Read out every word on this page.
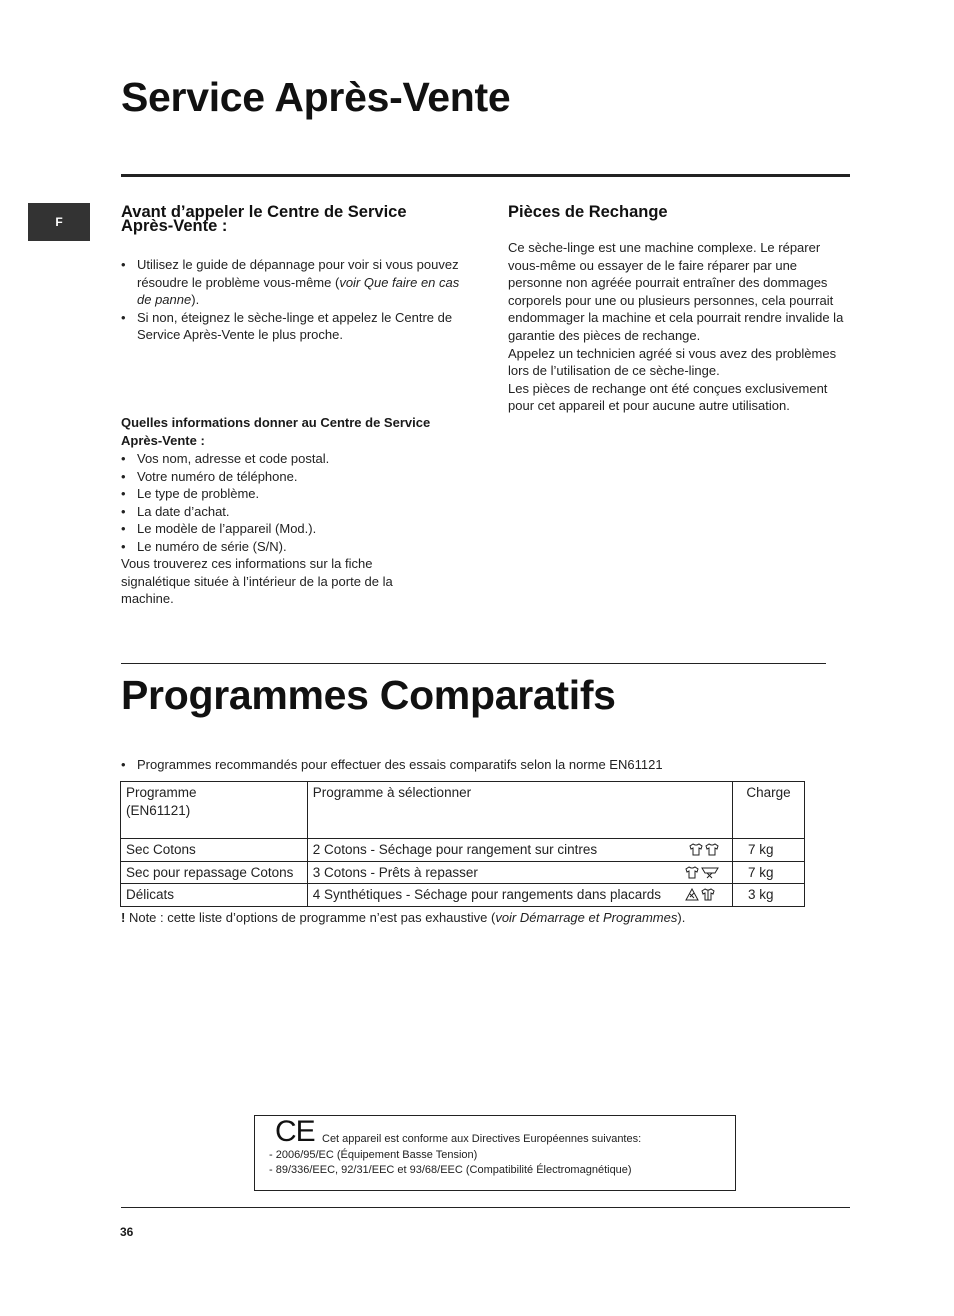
Service Après-Vente
F
Avant d’appeler le Centre de Service Après-Vente :
• Utilisez le guide de dépannage pour voir si vous pouvez résoudre le problème vous-même (voir Que faire en cas de panne).
• Si non, éteignez le sèche-linge et appelez le Centre de Service Après-Vente le plus proche.
Quelles informations donner au Centre de Service Après-Vente :
• Vos nom, adresse et code postal.
• Votre numéro de téléphone.
• Le type de problème.
• La date d’achat.
• Le modèle de l’appareil (Mod.).
• Le numéro de série (S/N).
Vous trouverez ces informations sur la fiche signalétique située à l’intérieur de la porte de la machine.
Pièces de Rechange
Ce sèche-linge est une machine complexe. Le réparer vous-même ou essayer de le faire réparer par une personne non agréée pourrait entraîner des dommages corporels pour une ou plusieurs personnes, cela pourrait endommager la machine et cela pourrait rendre invalide la garantie des pièces de rechange.
Appelez un technicien agréé si vous avez des problèmes lors de l’utilisation de ce sèche-linge.
Les pièces de rechange ont été conçues exclusivement pour cet appareil et pour aucune autre utilisation.
Programmes Comparatifs
• Programmes recommandés pour effectuer des essais comparatifs selon la norme EN61121
Programme
(EN61121)	Programme à sélectionner	Charge
Sec Cotons	2 Cotons - Séchage pour rangement sur cintres	7 kg
Sec pour repassage Cotons	3 Cotons - Prêts à repasser	7 kg
Délicats	4 Synthétiques - Séchage pour rangements dans placards	3 kg
! Note : cette liste d’options de programme n’est pas exhaustive (voir Démarrage et Programmes).
CE Cet appareil est conforme aux Directives Européennes suivantes:
- 2006/95/EC (Équipement Basse Tension)
- 89/336/EEC, 92/31/EEC et 93/68/EEC (Compatibilité Électromagnétique)
36
